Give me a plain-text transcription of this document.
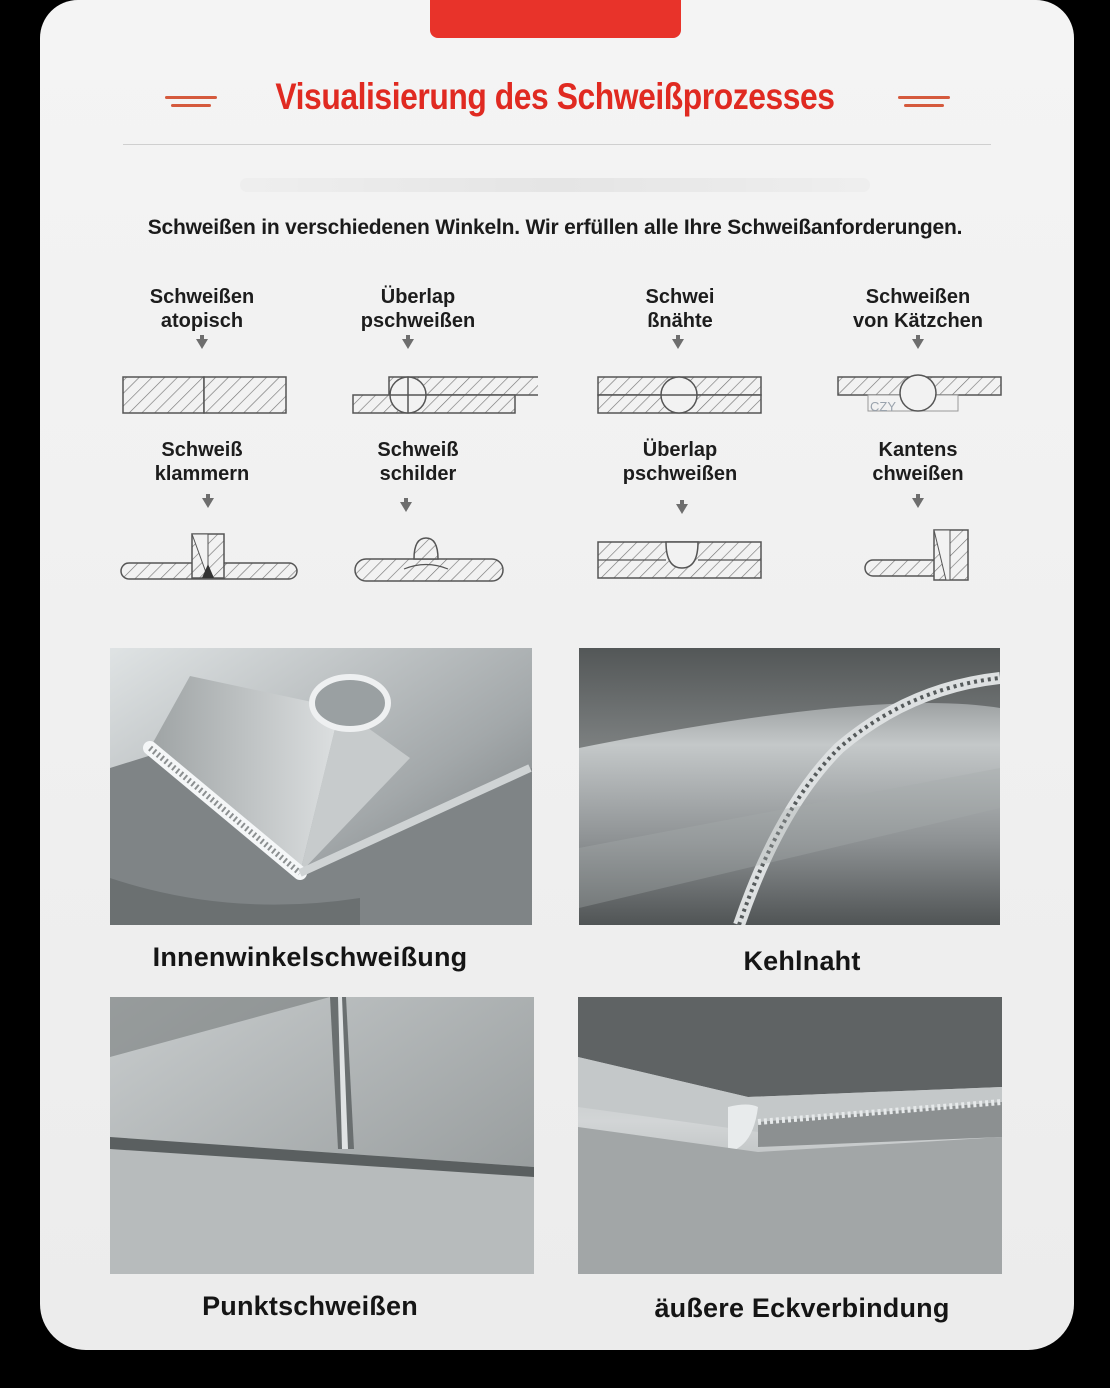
Visualisierung des Schweißprozesses
Schweißen in verschiedenen Winkeln. Wir erfüllen alle Ihre Schweißanforderungen.
Schweißen
atopisch
Überlap
pschweißen
Schwei
ßnähte
Schweißen
von Kätzchen
CZY
Schweiß
klammern
Schweiß
schilder
Überlap
pschweißen
Kantens
chweißen
Innenwinkelschweißung	Kehlnaht
Punktschweißen	äußere Eckverbindung
